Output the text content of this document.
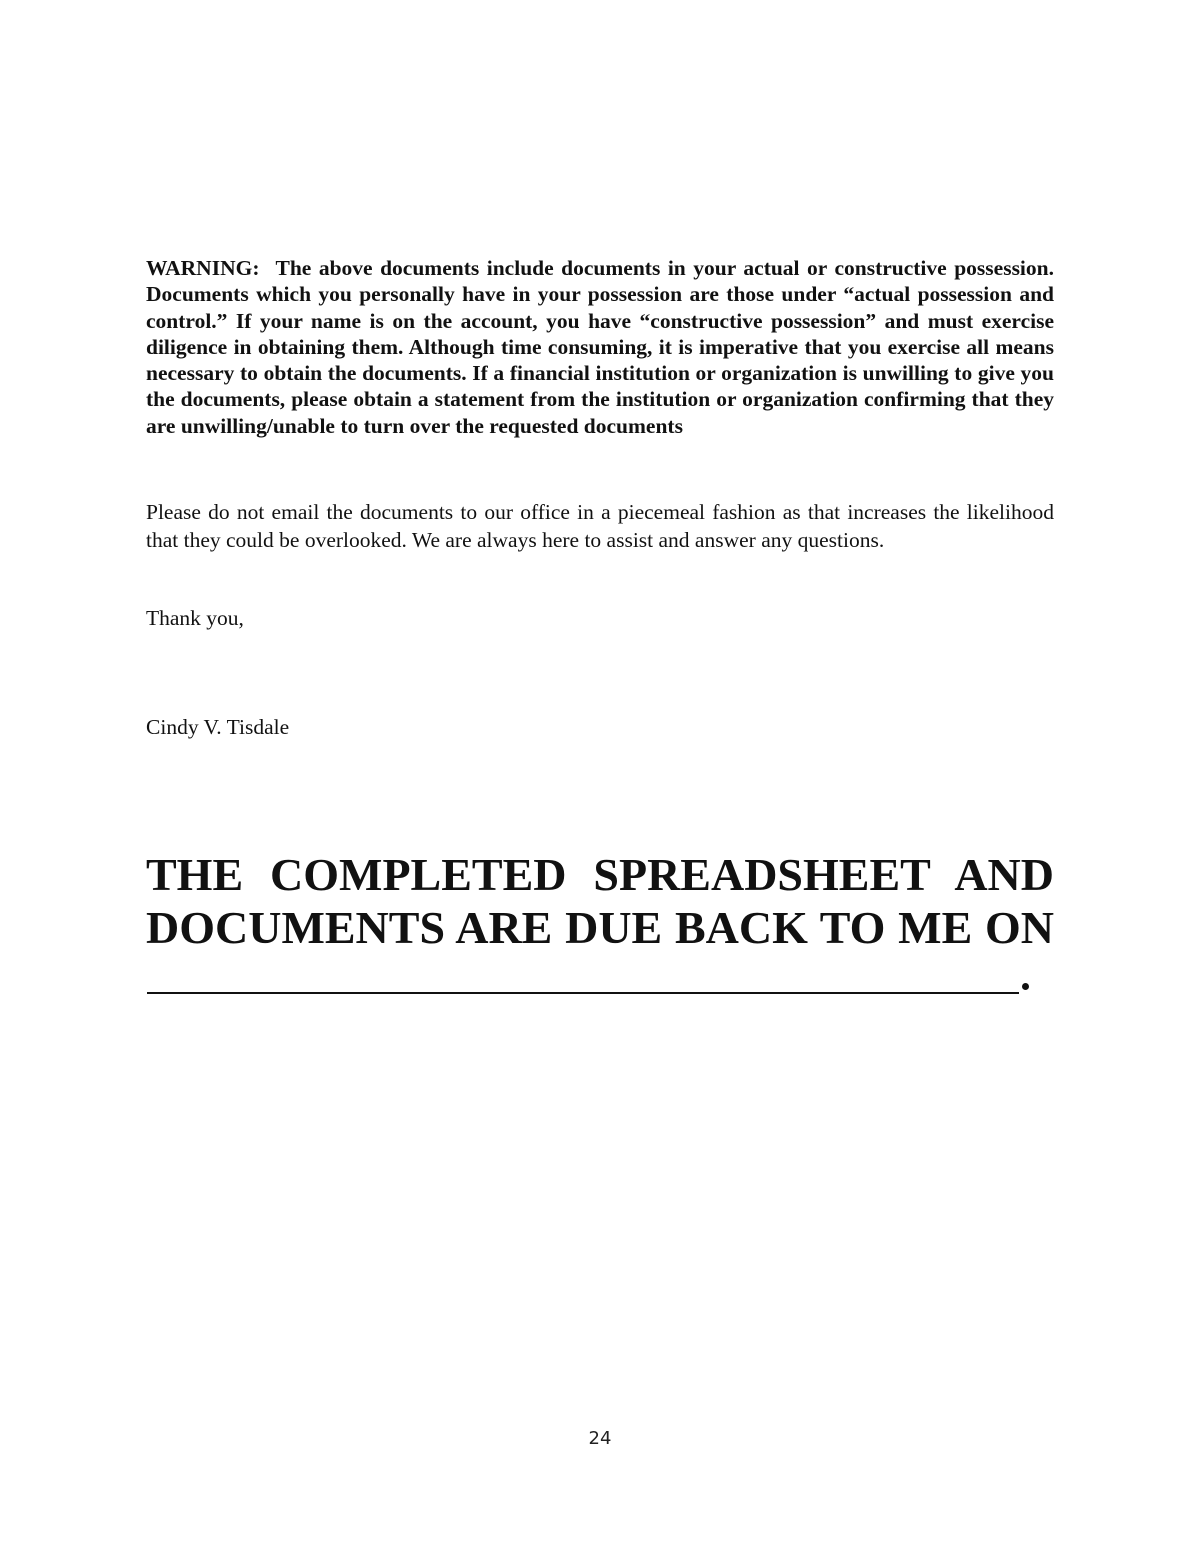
WARNING: The above documents include documents in your actual or constructive possession. Documents which you personally have in your possession are those under “actual possession and control.” If your name is on the account, you have “constructive possession” and must exercise diligence in obtaining them. Although time consuming, it is imperative that you exercise all means necessary to obtain the documents. If a financial institution or organization is unwilling to give you the documents, please obtain a statement from the institution or organization confirming that they are unwilling/unable to turn over the requested documents

Please do not email the documents to our office in a piecemeal fashion as that increases the likelihood that they could be overlooked. We are always here to assist and answer any questions.

Thank you,

Cindy V. Tisdale

THE COMPLETED SPREADSHEET AND DOCUMENTS ARE DUE BACK TO ME ON

24
